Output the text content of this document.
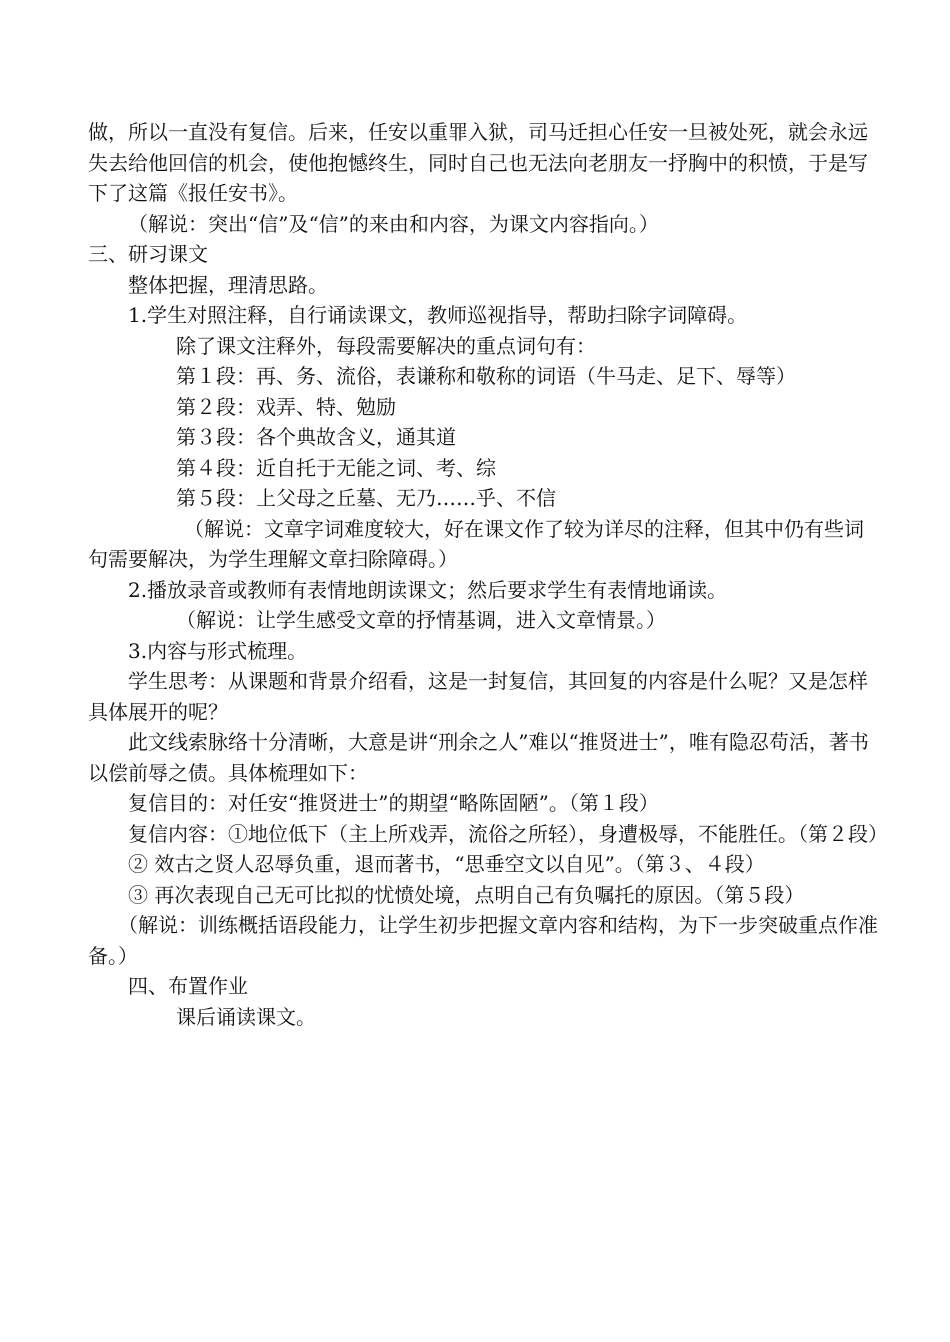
做，所以一直没有复信。后来，任安以重罪入狱，司马迁担心任安一旦被处死，就会永远失去给他回信的机会，使他抱憾终生，同时自己也无法向老朋友一抒胸中的积愤，于是写下了这篇《报任安书》。

（解说：突出“信”及“信”的来由和内容，为课文内容指向。）

三、研习课文

整体把握，理清思路。

1.学生对照注释，自行诵读课文，教师巡视指导，帮助扫除字词障碍。

除了课文注释外，每段需要解决的重点词句有：

第１段：再、务、流俗，表谦称和敬称的词语（牛马走、足下、辱等）

第２段：戏弄、特、勉励

第３段：各个典故含义，通其道

第４段：近自托于无能之词、考、综

第５段：上父母之丘墓、无乃……乎、不信

（解说：文章字词难度较大，好在课文作了较为详尽的注释，但其中仍有些词句需要解决，为学生理解文章扫除障碍。）

2.播放录音或教师有表情地朗读课文；然后要求学生有表情地诵读。

（解说：让学生感受文章的抒情基调，进入文章情景。）

3.内容与形式梳理。

学生思考：从课题和背景介绍看，这是一封复信，其回复的内容是什么呢？又是怎样具体展开的呢？

此文线索脉络十分清晰，大意是讲“刑余之人”难以“推贤进士”，唯有隐忍苟活，著书以偿前辱之债。具体梳理如下：

复信目的：对任安“推贤进士”的期望“略陈固陋”。（第１段）

复信内容：①地位低下（主上所戏弄，流俗之所轻），身遭极辱，不能胜任。（第２段）

② 效古之贤人忍辱负重，退而著书，“思垂空文以自见”。（第３、４段）

③ 再次表现自己无可比拟的忧愤处境，点明自己有负嘱托的原因。（第５段）

（解说：训练概括语段能力，让学生初步把握文章内容和结构，为下一步突破重点作准备。）

四、布置作业

课后诵读课文。
